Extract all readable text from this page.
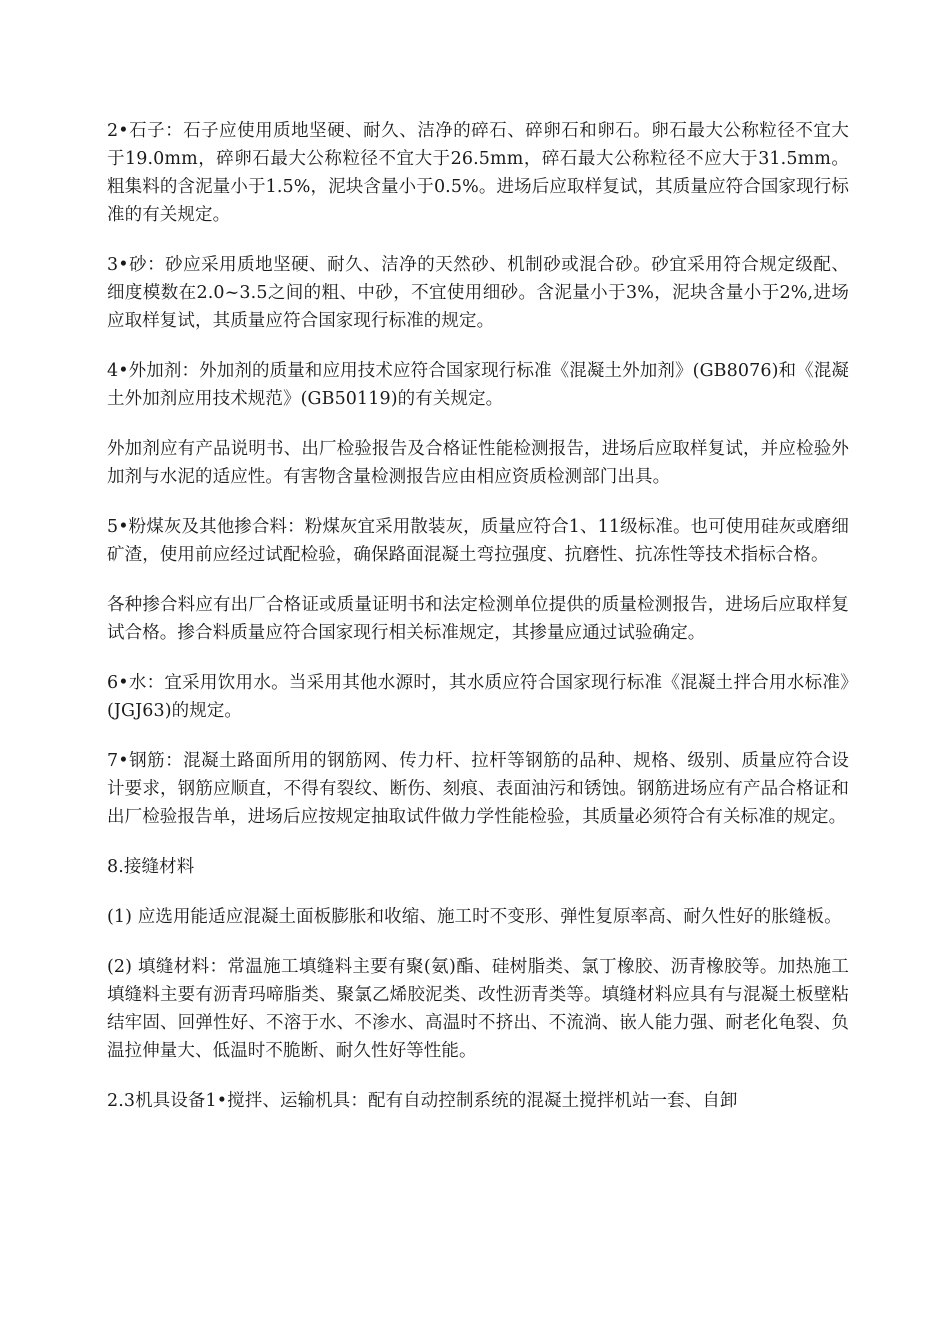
2•石子：石子应使用质地坚硬、耐久、洁净的碎石、碎卵石和卵石。卵石最大公称粒径不宜大于19.0mm，碎卵石最大公称粒径不宜大于26.5mm，碎石最大公称粒径不应大于31.5mm。粗集料的含泥量小于1.5%，泥块含量小于0.5%。进场后应取样复试，其质量应符合国家现行标准的有关规定。

3•砂：砂应采用质地坚硬、耐久、洁净的天然砂、机制砂或混合砂。砂宜采用符合规定级配、细度模数在2.0~3.5之间的粗、中砂，不宜使用细砂。含泥量小于3%，泥块含量小于2%,进场应取样复试，其质量应符合国家现行标准的规定。

4•外加剂：外加剂的质量和应用技术应符合国家现行标准《混凝土外加剂》(GB8076)和《混凝土外加剂应用技术规范》(GB50119)的有关规定。

外加剂应有产品说明书、出厂检验报告及合格证性能检测报告，进场后应取样复试，并应检验外加剂与水泥的适应性。有害物含量检测报告应由相应资质检测部门出具。

5•粉煤灰及其他掺合料：粉煤灰宜采用散装灰，质量应符合1、11级标准。也可使用硅灰或磨细矿渣，使用前应经过试配检验，确保路面混凝土弯拉强度、抗磨性、抗冻性等技术指标合格。

各种掺合料应有出厂合格证或质量证明书和法定检测单位提供的质量检测报告，进场后应取样复试合格。掺合料质量应符合国家现行相关标准规定，其掺量应通过试验确定。

6•水：宜采用饮用水。当采用其他水源时，其水质应符合国家现行标准《混凝土拌合用水标准》(JGJ63)的规定。

7•钢筋：混凝土路面所用的钢筋网、传力杆、拉杆等钢筋的品种、规格、级别、质量应符合设计要求，钢筋应顺直，不得有裂纹、断伤、刻痕、表面油污和锈蚀。钢筋进场应有产品合格证和出厂检验报告单，进场后应按规定抽取试件做力学性能检验，其质量必须符合有关标准的规定。

8.接缝材料

(1) 应选用能适应混凝土面板膨胀和收缩、施工时不变形、弹性复原率高、耐久性好的胀缝板。

(2) 填缝材料：常温施工填缝料主要有聚(氨)酯、硅树脂类、氯丁橡胶、沥青橡胶等。加热施工填缝料主要有沥青玛啼脂类、聚氯乙烯胶泥类、改性沥青类等。填缝材料应具有与混凝土板壁粘结牢固、回弹性好、不溶于水、不渗水、高温时不挤出、不流淌、嵌人能力强、耐老化龟裂、负温拉伸量大、低温时不脆断、耐久性好等性能。

2.3机具设备1•搅拌、运输机具：配有自动控制系统的混凝土搅拌机站一套、自卸
